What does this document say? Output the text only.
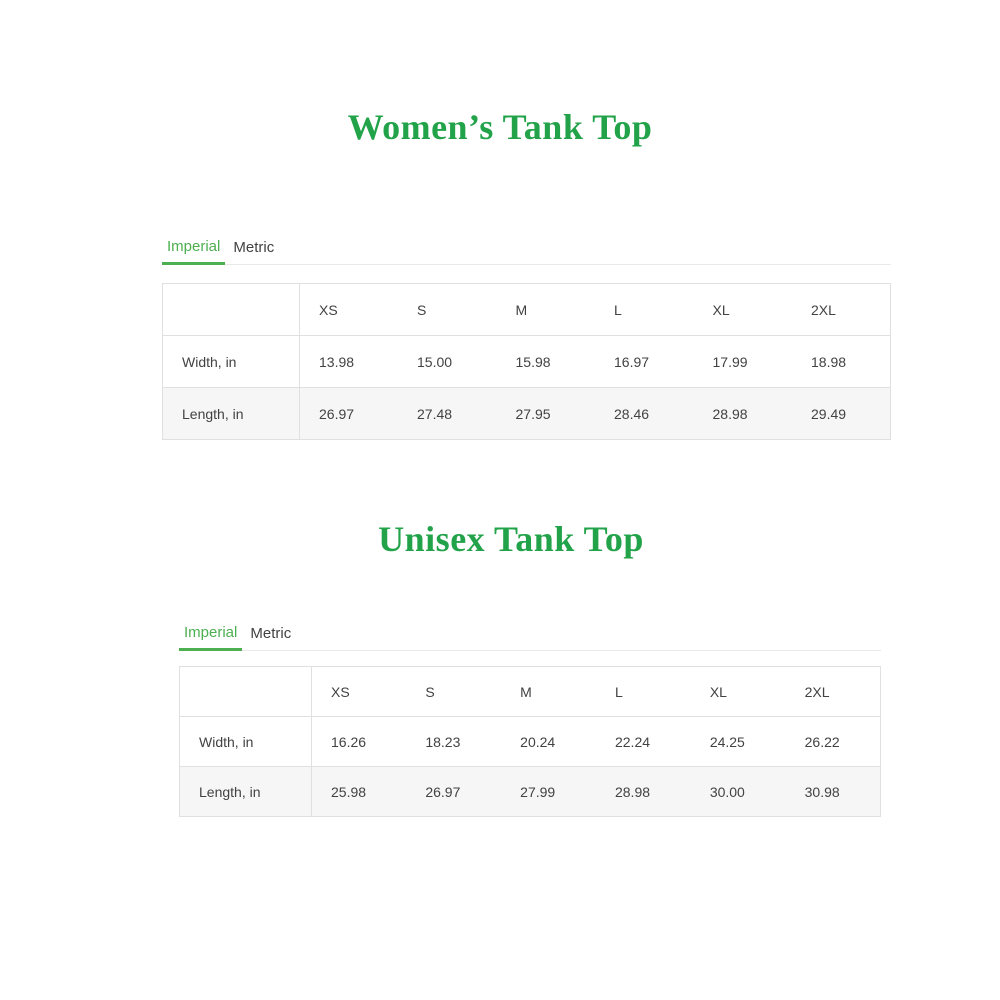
Women’s Tank Top
Imperial Metric
	XS	S	M	L	XL	2XL
Width, in	13.98	15.00	15.98	16.97	17.99	18.98
Length, in	26.97	27.48	27.95	28.46	28.98	29.49
Unisex Tank Top
Imperial Metric
	XS	S	M	L	XL	2XL
Width, in	16.26	18.23	20.24	22.24	24.25	26.22
Length, in	25.98	26.97	27.99	28.98	30.00	30.98
